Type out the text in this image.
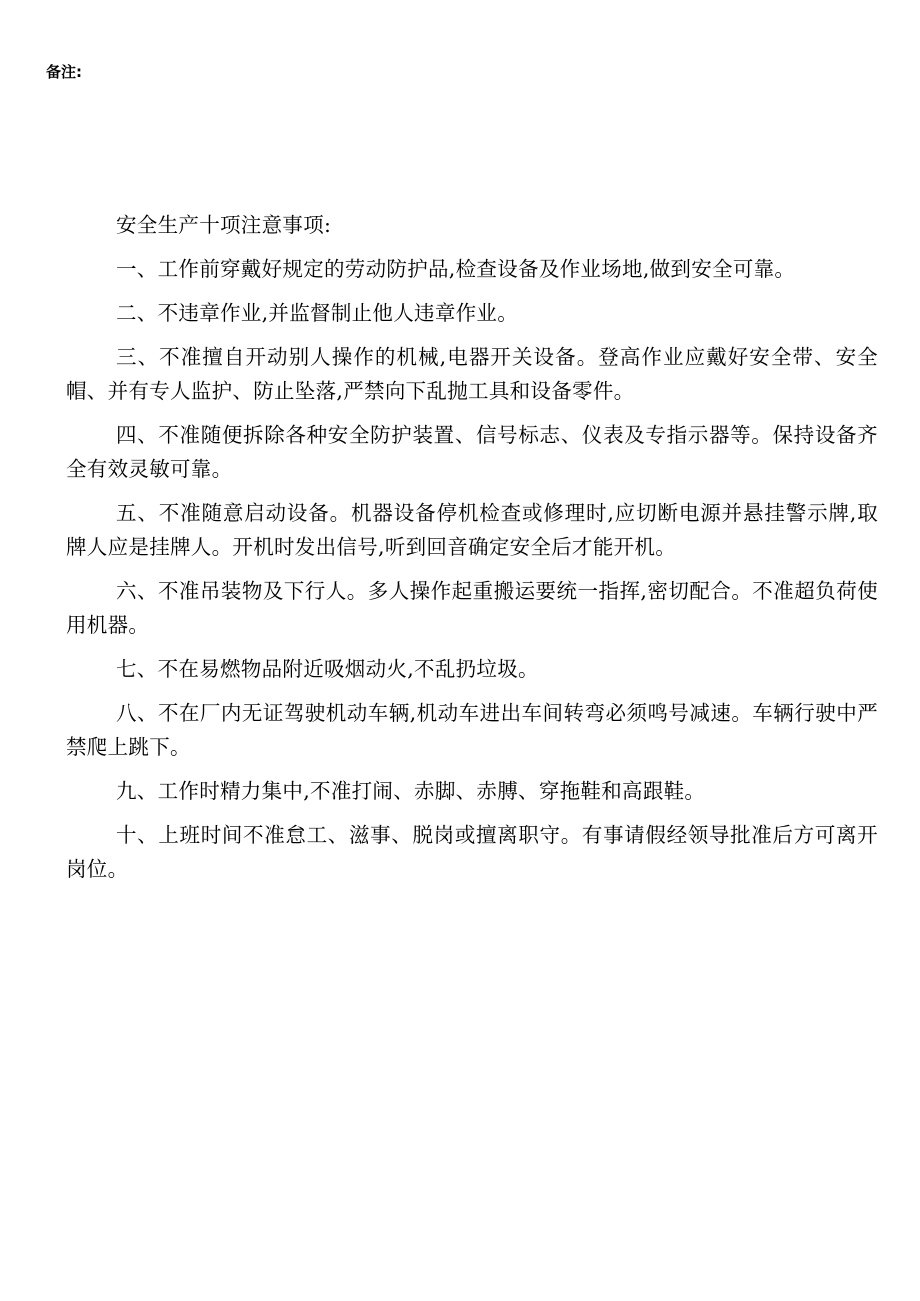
备注:

安全生产十项注意事项:

一、工作前穿戴好规定的劳动防护品,检查设备及作业场地,做到安全可靠。

二、不违章作业,并监督制止他人违章作业。

三、不准擅自开动别人操作的机械,电器开关设备。登高作业应戴好安全带、安全帽、并有专人监护、防止坠落,严禁向下乱抛工具和设备零件。

四、不准随便拆除各种安全防护装置、信号标志、仪表及专指示器等。保持设备齐全有效灵敏可靠。

五、不准随意启动设备。机器设备停机检查或修理时,应切断电源并悬挂警示牌,取牌人应是挂牌人。开机时发出信号,听到回音确定安全后才能开机。

六、不准吊装物及下行人。多人操作起重搬运要统一指挥,密切配合。不准超负荷使用机器。

七、不在易燃物品附近吸烟动火,不乱扔垃圾。

八、不在厂内无证驾驶机动车辆,机动车进出车间转弯必须鸣号减速。车辆行驶中严禁爬上跳下。

九、工作时精力集中,不准打闹、赤脚、赤膊、穿拖鞋和高跟鞋。

十、上班时间不准怠工、滋事、脱岗或擅离职守。有事请假经领导批准后方可离开岗位。
